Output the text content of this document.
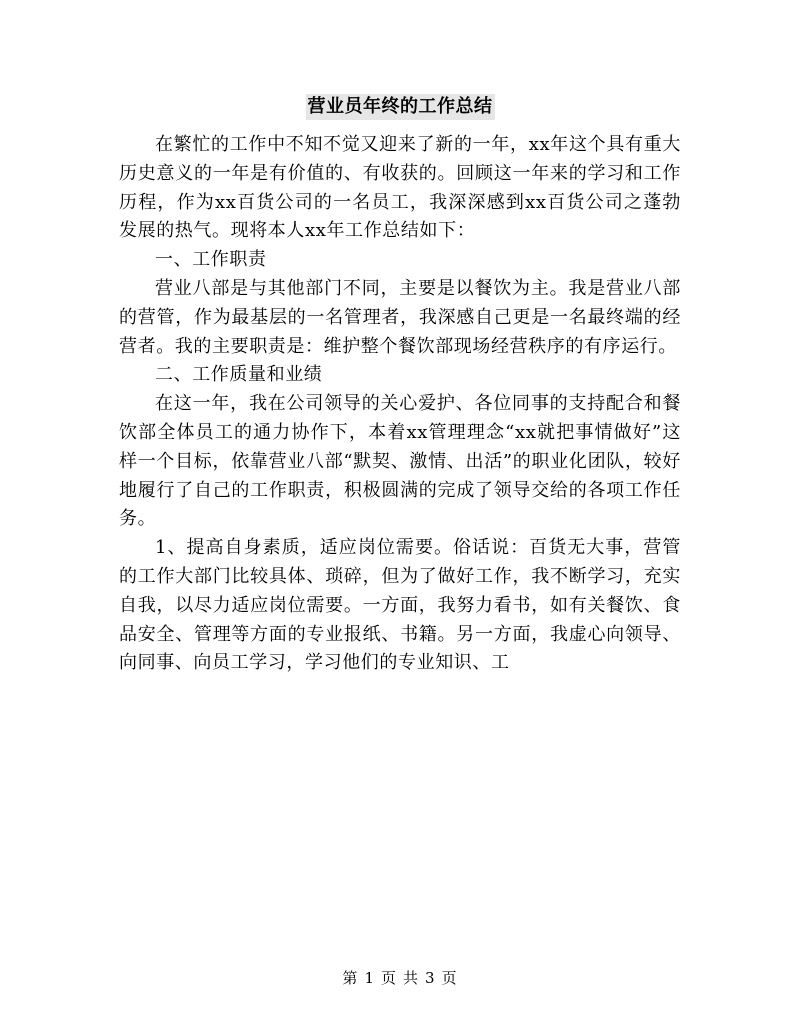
营业员年终的工作总结

在繁忙的工作中不知不觉又迎来了新的一年，xx年这个具有重大历史意义的一年是有价值的、有收获的。回顾这一年来的学习和工作历程，作为xx百货公司的一名员工，我深深感到xx百货公司之蓬勃发展的热气。现将本人xx年工作总结如下：

一、工作职责

营业八部是与其他部门不同，主要是以餐饮为主。我是营业八部的营管，作为最基层的一名管理者，我深感自己更是一名最终端的经营者。我的主要职责是：维护整个餐饮部现场经营秩序的有序运行。

二、工作质量和业绩

在这一年，我在公司领导的关心爱护、各位同事的支持配合和餐饮部全体员工的通力协作下，本着xx管理理念“xx就把事情做好”这样一个目标，依靠营业八部“默契、激情、出活”的职业化团队，较好地履行了自己的工作职责，积极圆满的完成了领导交给的各项工作任务。

1、提高自身素质，适应岗位需要。俗话说：百货无大事，营管的工作大部门比较具体、琐碎，但为了做好工作，我不断学习，充实自我，以尽力适应岗位需要。一方面，我努力看书，如有关餐饮、食品安全、管理等方面的专业报纸、书籍。另一方面，我虚心向领导、向同事、向员工学习，学习他们的专业知识、工

第 1 页 共 3 页
